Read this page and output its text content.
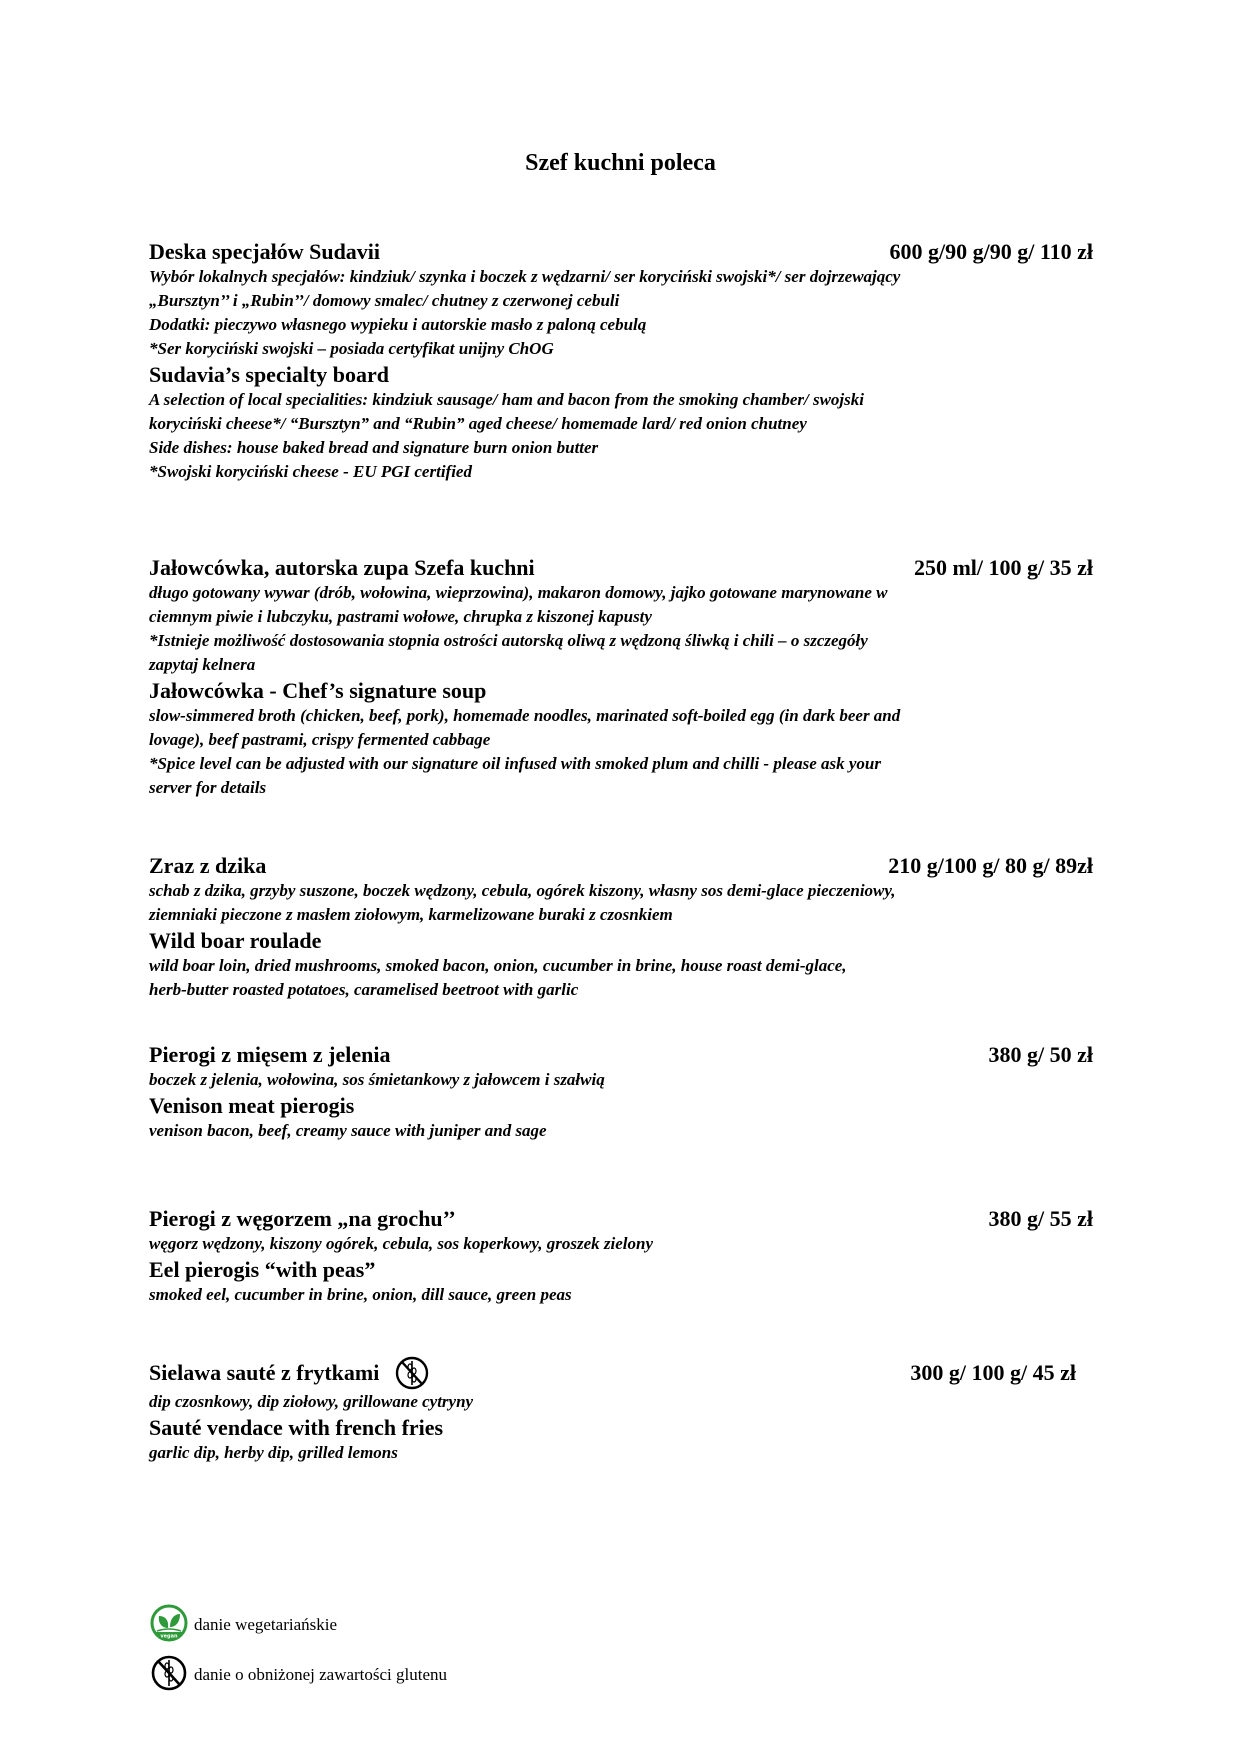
Szef kuchni poleca
Deska specjałów Sudavii	600 g/90 g/90 g/ 110 zł
Wybór lokalnych specjałów: kindziuk/ szynka i boczek z wędzarni/ ser koryciński swojski*/ ser dojrzewający
„Bursztyn’’ i „Rubin’’/ domowy smalec/ chutney z czerwonej cebuli
Dodatki: pieczywo własnego wypieku i autorskie masło z paloną cebulą
*Ser koryciński swojski – posiada certyfikat unijny ChOG
Sudavia’s specialty board
A selection of local specialities: kindziuk sausage/ ham and bacon from the smoking chamber/ swojski
koryciński cheese*/ “Bursztyn” and “Rubin” aged cheese/ homemade lard/ red onion chutney
Side dishes: house baked bread and signature burn onion butter
*Swojski koryciński cheese - EU PGI certified
Jałowcówka, autorska zupa Szefa kuchni	250 ml/ 100 g/ 35 zł
długo gotowany wywar (drób, wołowina, wieprzowina), makaron domowy, jajko gotowane marynowane w
ciemnym piwie i lubczyku, pastrami wołowe, chrupka z kiszonej kapusty
*Istnieje możliwość dostosowania stopnia ostrości autorską oliwą z wędzoną śliwką i chili – o szczegóły
zapytaj kelnera
Jałowcówka - Chef’s signature soup
slow-simmered broth (chicken, beef, pork), homemade noodles, marinated soft-boiled egg (in dark beer and
lovage), beef pastrami, crispy fermented cabbage
*Spice level can be adjusted with our signature oil infused with smoked plum and chilli - please ask your
server for details
Zraz z dzika	210 g/100 g/ 80 g/ 89zł
schab z dzika, grzyby suszone, boczek wędzony, cebula, ogórek kiszony, własny sos demi-glace pieczeniowy,
ziemniaki pieczone z masłem ziołowym, karmelizowane buraki z czosnkiem
Wild boar roulade
wild boar loin, dried mushrooms, smoked bacon, onion, cucumber in brine, house roast demi-glace,
herb-butter roasted potatoes, caramelised beetroot with garlic
Pierogi z mięsem z jelenia	380 g/ 50 zł
boczek z jelenia, wołowina, sos śmietankowy z jałowcem i szałwią
Venison meat pierogis
venison bacon, beef, creamy sauce with juniper and sage
Pierogi z węgorzem „na grochu’’	380 g/ 55 zł
węgorz wędzony, kiszony ogórek, cebula, sos koperkowy, groszek zielony
Eel pierogis “with peas”
smoked eel, cucumber in brine, onion, dill sauce, green peas
Sielawa sauté z frytkami	300 g/ 100 g/ 45 zł
dip czosnkowy, dip ziołowy, grillowane cytryny
Sauté vendace with french fries
garlic dip, herby dip, grilled lemons
vegan
danie wegetariańskie
danie o obniżonej zawartości glutenu
